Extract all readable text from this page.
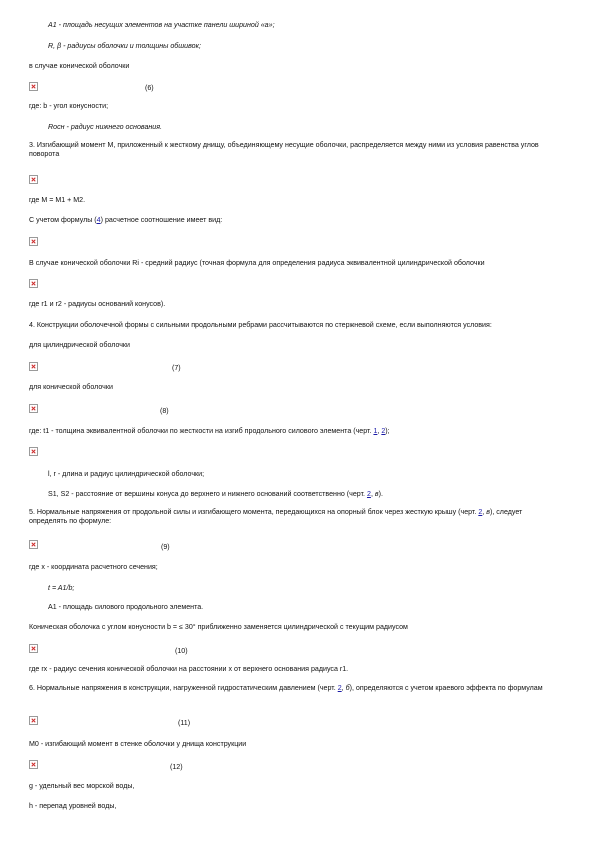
A1 - площадь несущих элементов на участке панели шириной «a»;
R, β - радиусы оболочки и толщины обшивок;
в случае конической оболочки
(6)
где: b - угол конусности;
Rосн - радиус нижнего основания.
3. Изгибающий момент M, приложенный к жесткому днищу, объединяющему несущие оболочки, распределяется между ними из условия равенства углов поворота
где M = M1 + M2.
С учетом формулы (4) расчетное соотношение имеет вид:
В случае конической оболочки Ri - средний радиус (точная формула для определения радиуса эквивалентной цилиндрической оболочки
где r1 и r2 - радиусы оснований конусов).
4. Конструкции оболочечной формы с сильными продольными ребрами рассчитываются по стержневой схеме, если выполняются условия:
для цилиндрической оболочки
(7)
для конической оболочки
(8)
где: t1 - толщина эквивалентной оболочки по жесткости на изгиб продольного силового элемента (черт. 1, 2);
l, r - длина и радиус цилиндрической оболочки;
S1, S2 - расстояние от вершины конуса до верхнего и нижнего оснований соответственно (черт. 2, в).
5. Нормальные напряжения от продольной силы и изгибающего момента, передающихся на опорный блок через жесткую крышу (черт. 2, в), следует определять по формуле:
(9)
где x - координата расчетного сечения;
t = A1/b;
A1 - площадь силового продольного элемента.
Коническая оболочка с углом конусности b = ≤ 30° приближенно заменяется цилиндрической с текущим радиусом
(10)
где rx - радиус сечения конической оболочки на расстоянии x от верхнего основания радиуса r1.
6. Нормальные напряжения в конструкции, нагруженной гидростатическим давлением (черт. 2, б), определяются с учетом краевого эффекта по формулам
(11)
M0 - изгибающий момент в стенке оболочки у днища конструкции
(12)
g - удельный вес морской воды,
h - перепад уровней воды,
